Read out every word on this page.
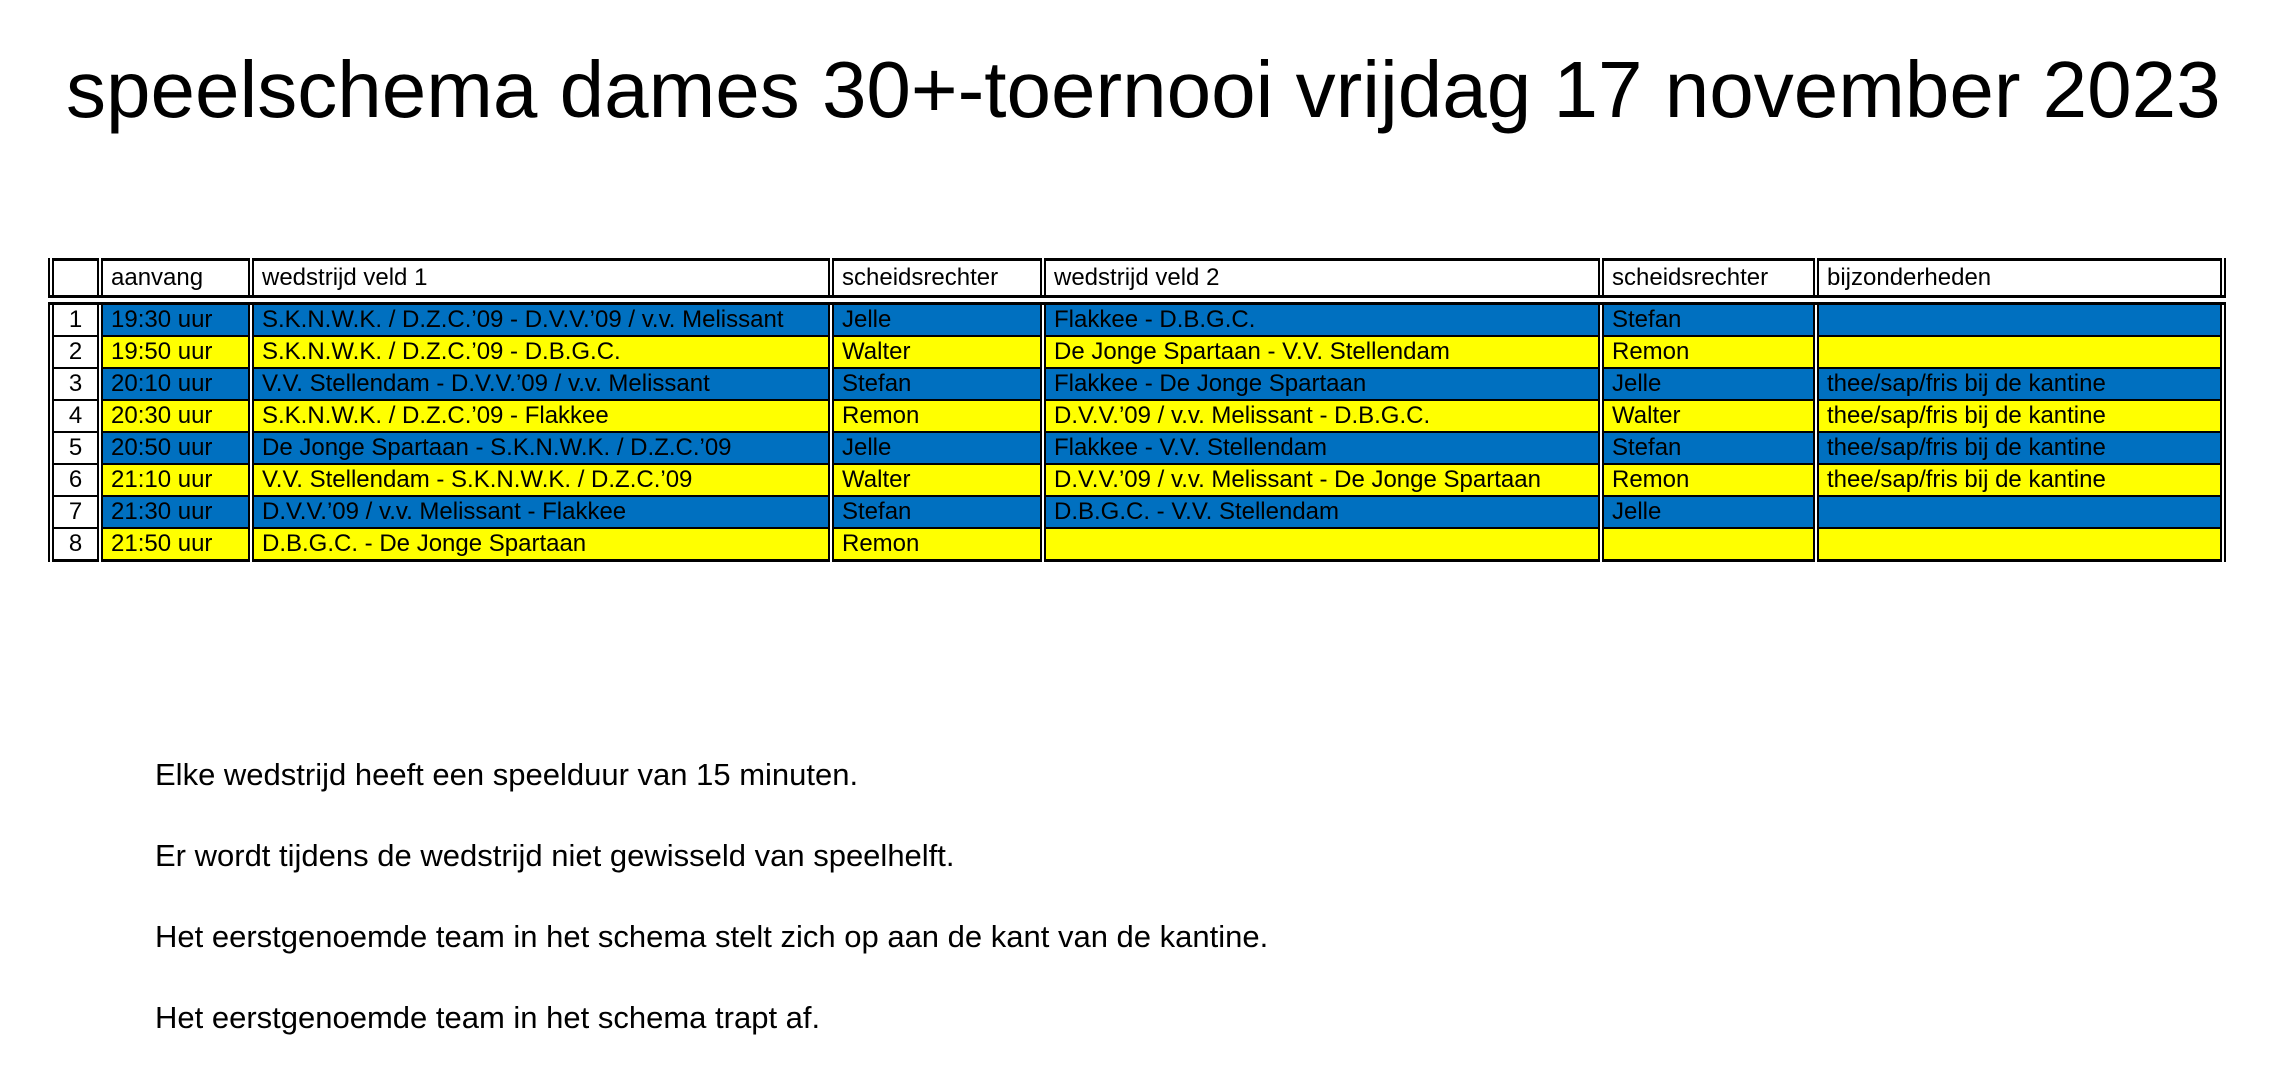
speelschema dames 30+-toernooi vrijdag 17 november 2023
	aanvang	wedstrijd veld 1	scheidsrechter	wedstrijd veld 2	scheidsrechter	bijzonderheden
1	19:30 uur	S.K.N.W.K. / D.Z.C.’09 - D.V.V.’09 / v.v. Melissant	Jelle	Flakkee - D.B.G.C.	Stefan	
2	19:50 uur	S.K.N.W.K. / D.Z.C.’09 - D.B.G.C.	Walter	De Jonge Spartaan - V.V. Stellendam	Remon	
3	20:10 uur	V.V. Stellendam - D.V.V.’09 / v.v. Melissant	Stefan	Flakkee - De Jonge Spartaan	Jelle	thee/sap/fris bij de kantine
4	20:30 uur	S.K.N.W.K. / D.Z.C.’09 - Flakkee	Remon	D.V.V.’09 / v.v. Melissant - D.B.G.C.	Walter	thee/sap/fris bij de kantine
5	20:50 uur	De Jonge Spartaan - S.K.N.W.K. / D.Z.C.’09	Jelle	Flakkee - V.V. Stellendam	Stefan	thee/sap/fris bij de kantine
6	21:10 uur	V.V. Stellendam - S.K.N.W.K. / D.Z.C.’09	Walter	D.V.V.’09 / v.v. Melissant - De Jonge Spartaan	Remon	thee/sap/fris bij de kantine
7	21:30 uur	D.V.V.’09 / v.v. Melissant - Flakkee	Stefan	D.B.G.C. - V.V. Stellendam	Jelle	
8	21:50 uur	D.B.G.C. - De Jonge Spartaan	Remon			
Elke wedstrijd heeft een speelduur van 15 minuten.
Er wordt tijdens de wedstrijd niet gewisseld van speelhelft.
Het eerstgenoemde team in het schema stelt zich op aan de kant van de kantine.
Het eerstgenoemde team in het schema trapt af.
